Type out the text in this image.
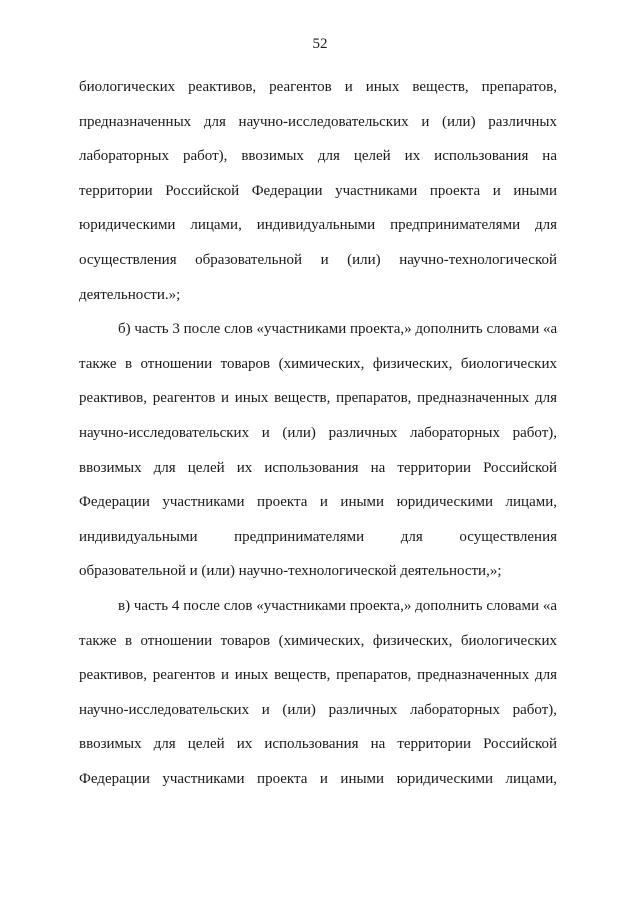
52
биологических реактивов, реагентов и иных веществ, препаратов,
предназначенных для научно-исследовательских и (или) различных
лабораторных работ), ввозимых для целей их использования на
территории Российской Федерации участниками проекта и иными
юридическими лицами, индивидуальными предпринимателями для
осуществления образовательной и (или) научно-технологической
деятельности.»;
б) часть 3 после слов «участниками проекта,» дополнить словами «а
также в отношении товаров (химических, физических, биологических
реактивов, реагентов и иных веществ, препаратов, предназначенных для
научно-исследовательских и (или) различных лабораторных работ),
ввозимых для целей их использования на территории Российской
Федерации участниками проекта и иными юридическими лицами,
индивидуальными предпринимателями для осуществления
образовательной и (или) научно-технологической деятельности,»;
в) часть 4 после слов «участниками проекта,» дополнить словами «а
также в отношении товаров (химических, физических, биологических
реактивов, реагентов и иных веществ, препаратов, предназначенных для
научно-исследовательских и (или) различных лабораторных работ),
ввозимых для целей их использования на территории Российской
Федерации участниками проекта и иными юридическими лицами,
